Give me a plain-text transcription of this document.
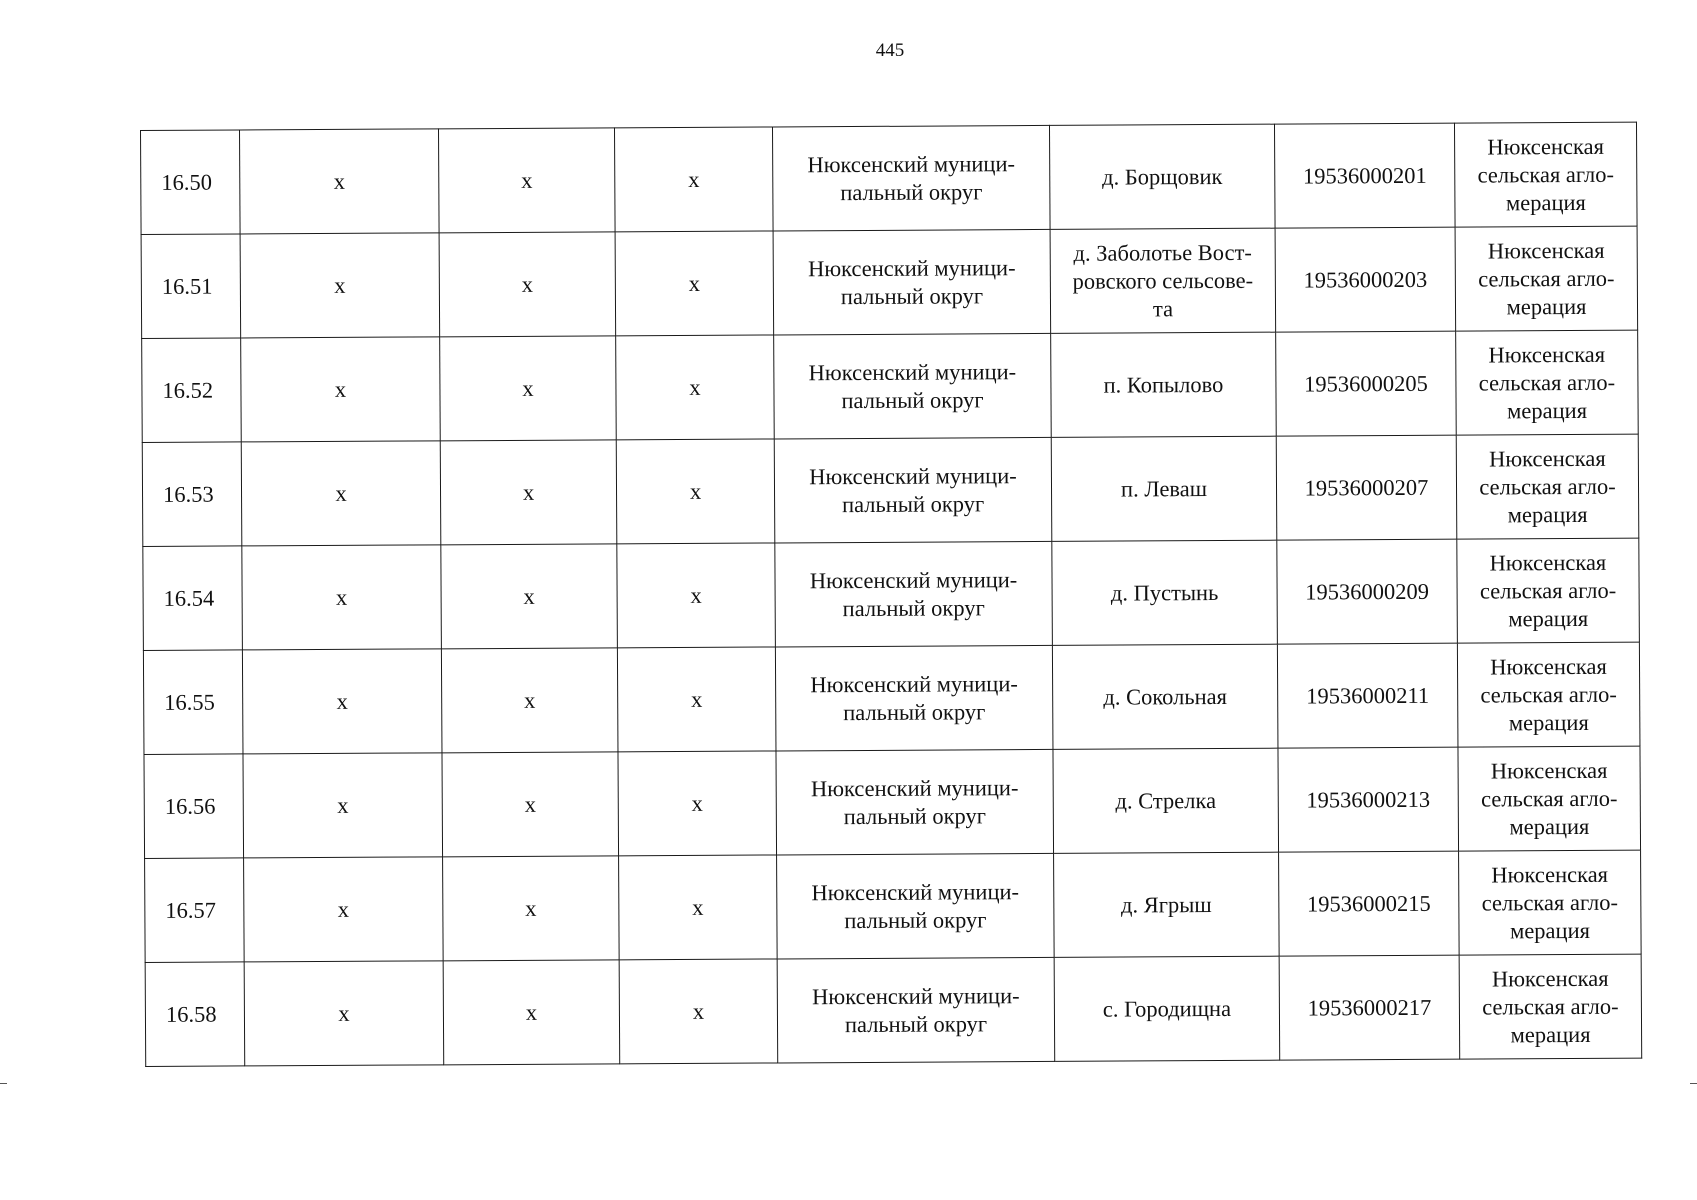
445
16.50	x	x	x	Нюксенский муници-
пальный округ	д. Борщовик	19536000201	Нюксенская
сельская агло-
мерация

16.51	x	x	x	Нюксенский муници-
пальный округ	д. Заболотье Вост-
ровского сельсове-
та	19536000203	Нюксенская
сельская агло-
мерация

16.52	x	x	x	Нюксенский муници-
пальный округ	п. Копылово	19536000205	Нюксенская
сельская агло-
мерация

16.53	x	x	x	Нюксенский муници-
пальный округ	п. Леваш	19536000207	Нюксенская
сельская агло-
мерация

16.54	x	x	x	Нюксенский муници-
пальный округ	д. Пустынь	19536000209	Нюксенская
сельская агло-
мерация

16.55	x	x	x	Нюксенский муници-
пальный округ	д. Сокольная	19536000211	Нюксенская
сельская агло-
мерация

16.56	x	x	x	Нюксенский муници-
пальный округ	д. Стрелка	19536000213	Нюксенская
сельская агло-
мерация

16.57	x	x	x	Нюксенский муници-
пальный округ	д. Ягрыш	19536000215	Нюксенская
сельская агло-
мерация

16.58	x	x	x	Нюксенский муници-
пальный округ	с. Городищна	19536000217	Нюксенская
сельская агло-
мерация
